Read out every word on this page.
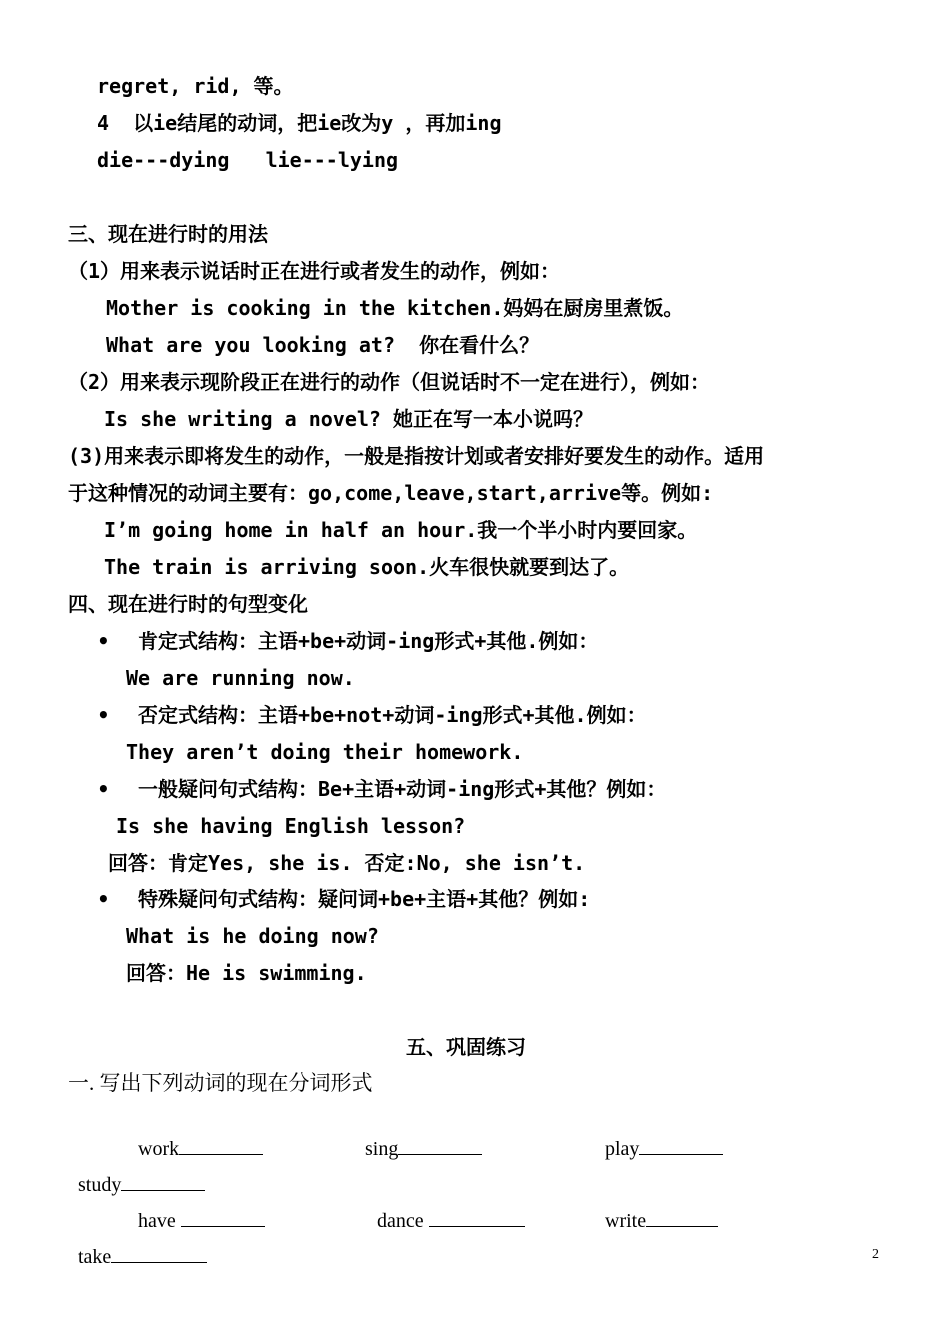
regret, rid, 等。
4  以ie结尾的动词，把ie改为y ，再加ing
die---dying   lie---lying
三、现在进行时的用法
（1）用来表示说话时正在进行或者发生的动作，例如：
Mother is cooking in the kitchen.妈妈在厨房里煮饭。
What are you looking at?  你在看什么？
（2）用来表示现阶段正在进行的动作（但说话时不一定在进行），例如：
Is she writing a novel? 她正在写一本小说吗？
(3)用来表示即将发生的动作，一般是指按计划或者安排好要发生的动作。适用
于这种情况的动词主要有：go,come,leave,start,arrive等。例如:
I’m going home in half an hour.我一个半小时内要回家。
The train is arriving soon.火车很快就要到达了。
四、现在进行时的句型变化
• 肯定式结构：主语+be+动词-ing形式+其他.例如：
We are running now.
• 否定式结构：主语+be+not+动词-ing形式+其他.例如：
They aren’t doing their homework.
• 一般疑问句式结构：Be+主语+动词-ing形式+其他？例如：
Is she having English lesson?
回答：肯定Yes, she is. 否定:No, she isn’t.
• 特殊疑问句式结构：疑问词+be+主语+其他？例如:
What is he doing now?
回答：He is swimming.
五、巩固练习
一. 写出下列动词的现在分词形式

work	sing	play

study

have	dance	write

take	2
